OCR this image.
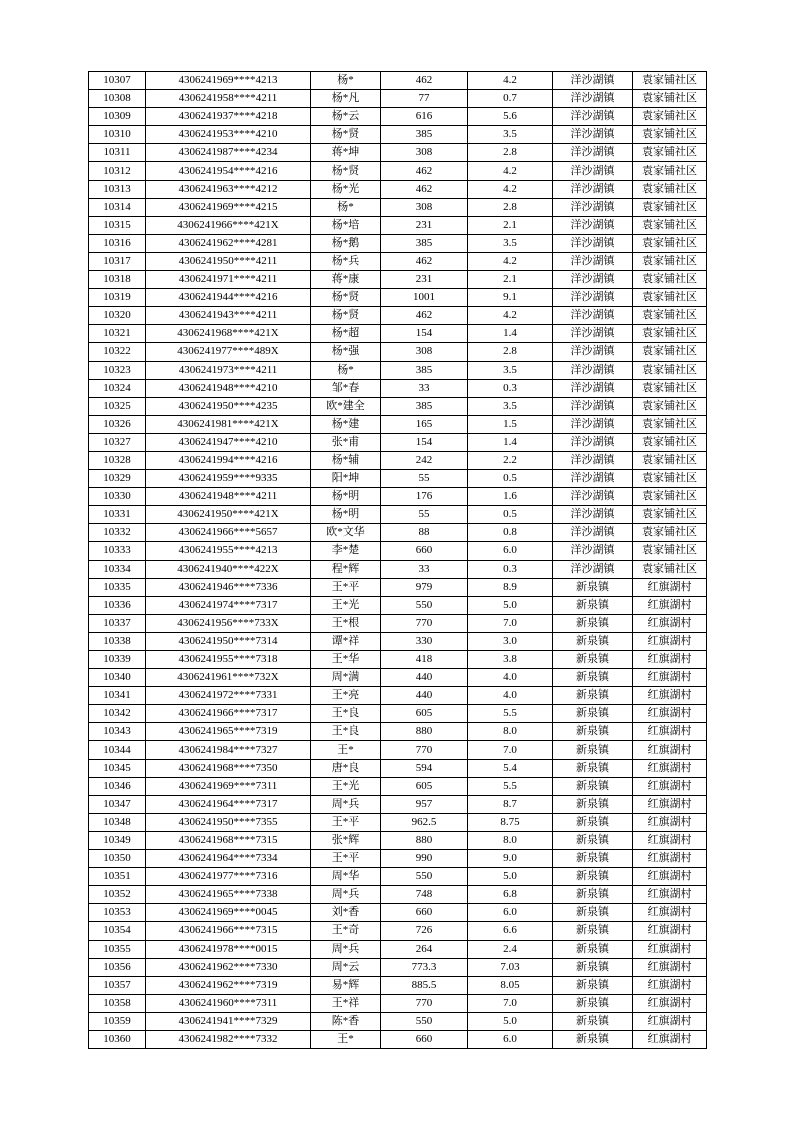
10307	4306241969****4213	杨*	462	4.2	洋沙湖镇	袁家铺社区
10308	4306241958****4211	杨*凡	77	0.7	洋沙湖镇	袁家铺社区
10309	4306241937****4218	杨*云	616	5.6	洋沙湖镇	袁家铺社区
10310	4306241953****4210	杨*贤	385	3.5	洋沙湖镇	袁家铺社区
10311	4306241987****4234	蒋*坤	308	2.8	洋沙湖镇	袁家铺社区
10312	4306241954****4216	杨*贤	462	4.2	洋沙湖镇	袁家铺社区
10313	4306241963****4212	杨*光	462	4.2	洋沙湖镇	袁家铺社区
10314	4306241969****4215	杨*	308	2.8	洋沙湖镇	袁家铺社区
10315	4306241966****421X	杨*培	231	2.1	洋沙湖镇	袁家铺社区
10316	4306241962****4281	杨*鹅	385	3.5	洋沙湖镇	袁家铺社区
10317	4306241950****4211	杨*兵	462	4.2	洋沙湖镇	袁家铺社区
10318	4306241971****4211	蒋*康	231	2.1	洋沙湖镇	袁家铺社区
10319	4306241944****4216	杨*贤	1001	9.1	洋沙湖镇	袁家铺社区
10320	4306241943****4211	杨*贤	462	4.2	洋沙湖镇	袁家铺社区
10321	4306241968****421X	杨*超	154	1.4	洋沙湖镇	袁家铺社区
10322	4306241977****489X	杨*强	308	2.8	洋沙湖镇	袁家铺社区
10323	4306241973****4211	杨*	385	3.5	洋沙湖镇	袁家铺社区
10324	4306241948****4210	邹*春	33	0.3	洋沙湖镇	袁家铺社区
10325	4306241950****4235	欧*建全	385	3.5	洋沙湖镇	袁家铺社区
10326	4306241981****421X	杨*建	165	1.5	洋沙湖镇	袁家铺社区
10327	4306241947****4210	张*甫	154	1.4	洋沙湖镇	袁家铺社区
10328	4306241994****4216	杨*辅	242	2.2	洋沙湖镇	袁家铺社区
10329	4306241959****9335	阳*坤	55	0.5	洋沙湖镇	袁家铺社区
10330	4306241948****4211	杨*明	176	1.6	洋沙湖镇	袁家铺社区
10331	4306241950****421X	杨*明	55	0.5	洋沙湖镇	袁家铺社区
10332	4306241966****5657	欧*文华	88	0.8	洋沙湖镇	袁家铺社区
10333	4306241955****4213	李*楚	660	6.0	洋沙湖镇	袁家铺社区
10334	4306241940****422X	程*辉	33	0.3	洋沙湖镇	袁家铺社区
10335	4306241946****7336	王*平	979	8.9	新泉镇	红旗湖村
10336	4306241974****7317	王*光	550	5.0	新泉镇	红旗湖村
10337	4306241956****733X	王*根	770	7.0	新泉镇	红旗湖村
10338	4306241950****7314	谭*祥	330	3.0	新泉镇	红旗湖村
10339	4306241955****7318	王*华	418	3.8	新泉镇	红旗湖村
10340	4306241961****732X	周*满	440	4.0	新泉镇	红旗湖村
10341	4306241972****7331	王*亮	440	4.0	新泉镇	红旗湖村
10342	4306241966****7317	王*良	605	5.5	新泉镇	红旗湖村
10343	4306241965****7319	王*良	880	8.0	新泉镇	红旗湖村
10344	4306241984****7327	王*	770	7.0	新泉镇	红旗湖村
10345	4306241968****7350	唐*良	594	5.4	新泉镇	红旗湖村
10346	4306241969****7311	王*光	605	5.5	新泉镇	红旗湖村
10347	4306241964****7317	周*兵	957	8.7	新泉镇	红旗湖村
10348	4306241950****7355	王*平	962.5	8.75	新泉镇	红旗湖村
10349	4306241968****7315	张*辉	880	8.0	新泉镇	红旗湖村
10350	4306241964****7334	王*平	990	9.0	新泉镇	红旗湖村
10351	4306241977****7316	周*华	550	5.0	新泉镇	红旗湖村
10352	4306241965****7338	周*兵	748	6.8	新泉镇	红旗湖村
10353	4306241969****0045	刘*香	660	6.0	新泉镇	红旗湖村
10354	4306241966****7315	王*奇	726	6.6	新泉镇	红旗湖村
10355	4306241978****0015	周*兵	264	2.4	新泉镇	红旗湖村
10356	4306241962****7330	周*云	773.3	7.03	新泉镇	红旗湖村
10357	4306241962****7319	易*辉	885.5	8.05	新泉镇	红旗湖村
10358	4306241960****7311	王*祥	770	7.0	新泉镇	红旗湖村
10359	4306241941****7329	陈*香	550	5.0	新泉镇	红旗湖村
10360	4306241982****7332	王*	660	6.0	新泉镇	红旗湖村
